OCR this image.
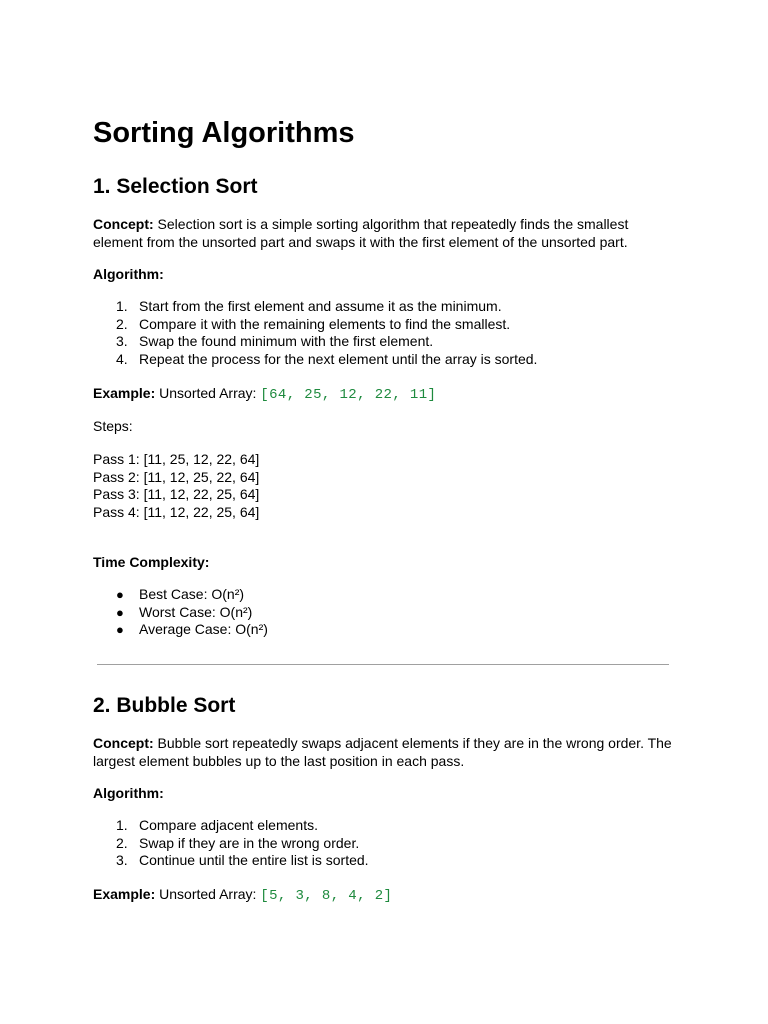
Sorting Algorithms
1. Selection Sort

Concept: Selection sort is a simple sorting algorithm that repeatedly finds the smallest element from the unsorted part and swaps it with the first element of the unsorted part.

Algorithm:

1. Start from the first element and assume it as the minimum.
2. Compare it with the remaining elements to find the smallest.
3. Swap the found minimum with the first element.
4. Repeat the process for the next element until the array is sorted.

Example: Unsorted Array: [64, 25, 12, 22, 11]

Steps:

Pass 1: [11, 25, 12, 22, 64]
Pass 2: [11, 12, 25, 22, 64]
Pass 3: [11, 12, 22, 25, 64]
Pass 4: [11, 12, 22, 25, 64]

Time Complexity:

● Best Case: O(n²)
● Worst Case: O(n²)
● Average Case: O(n²)
2. Bubble Sort

Concept: Bubble sort repeatedly swaps adjacent elements if they are in the wrong order. The largest element bubbles up to the last position in each pass.

Algorithm:

1. Compare adjacent elements.
2. Swap if they are in the wrong order.
3. Continue until the entire list is sorted.

Example: Unsorted Array: [5, 3, 8, 4, 2]
